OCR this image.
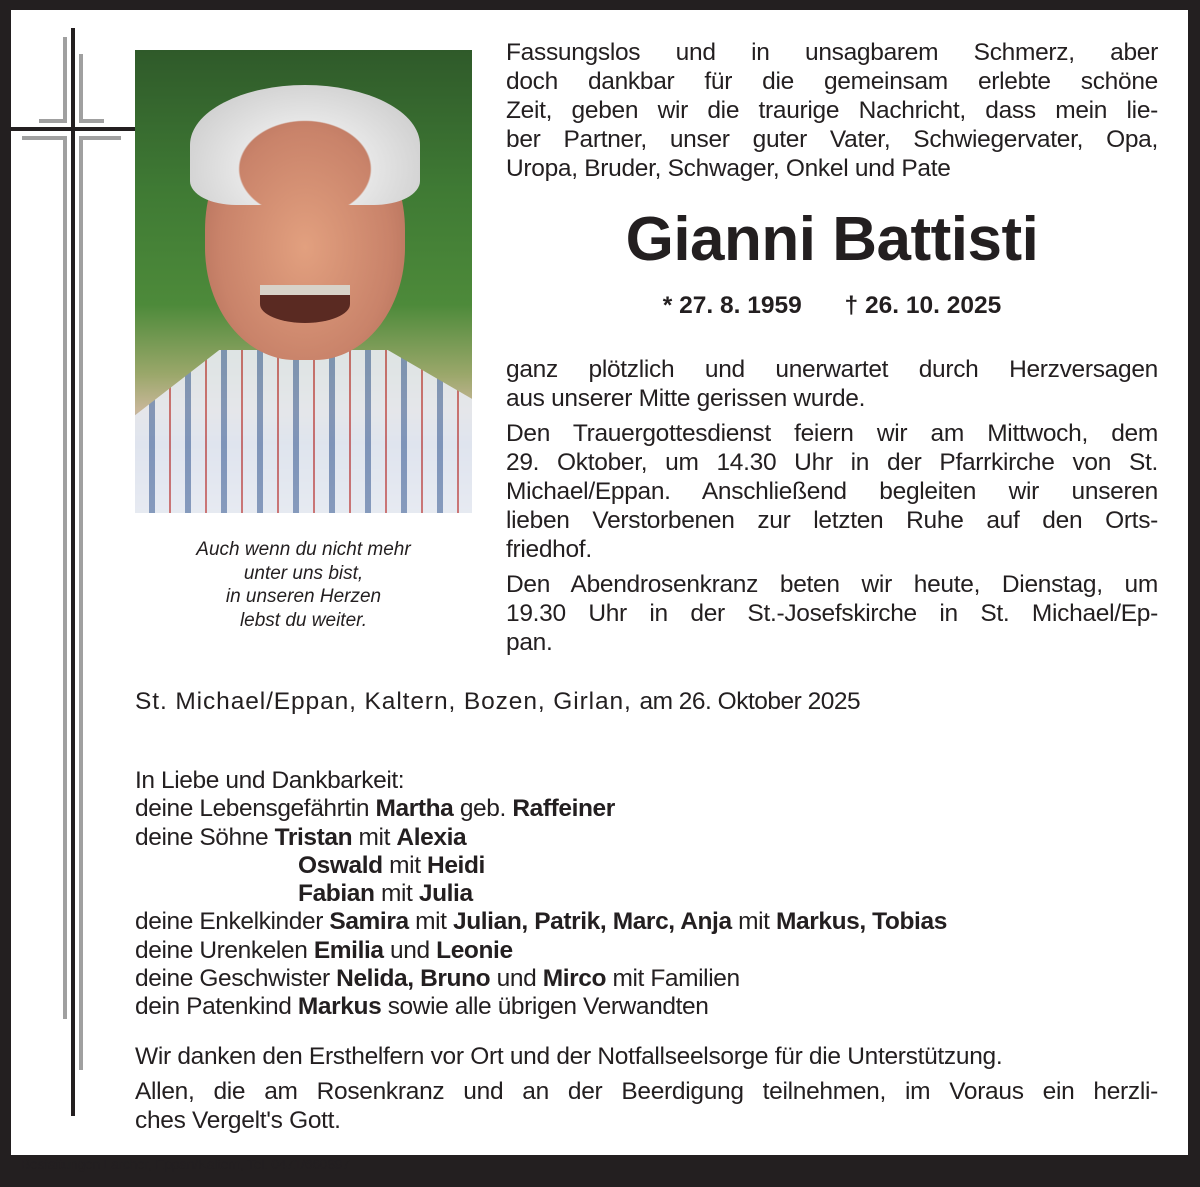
Auch wenn du nicht mehr
unter uns bist,
in unseren Herzen
lebst du weiter.
Fassungslos und in unsagbarem Schmerz, aber
doch dankbar für die gemeinsam erlebte schöne
Zeit, geben wir die traurige Nachricht, dass mein lie-
ber Partner, unser guter Vater, Schwiegervater, Opa,
Uropa, Bruder, Schwager, Onkel und Pate
Gianni Battisti
* 27. 8. 1959 † 26. 10. 2025

ganz plötzlich und unerwartet durch Herzversagen
aus unserer Mitte gerissen wurde.

Den Trauergottesdienst feiern wir am Mittwoch, dem
29. Oktober, um 14.30 Uhr in der Pfarrkirche von St.
Michael/Eppan. Anschließend begleiten wir unseren
lieben Verstorbenen zur letzten Ruhe auf den Orts-
friedhof.

Den Abendrosenkranz beten wir heute, Dienstag, um
19.30 Uhr in der St.-Josefskirche in St. Michael/Ep-
pan.

St. Michael/Eppan, Kaltern, Bozen, Girlan, am 26. Oktober 2025
In Liebe und Dankbarkeit:
deine Lebensgefährtin Martha geb. Raffeiner
deine Söhne Tristan mit Alexia
Oswald mit Heidi
Fabian mit Julia
deine Enkelkinder Samira mit Julian, Patrik, Marc, Anja mit Markus, Tobias
deine Urenkelen Emilia und Leonie
deine Geschwister Nelida, Bruno und Mirco mit Familien
dein Patenkind Markus sowie alle übrigen Verwandten

Wir danken den Ersthelfern vor Ort und der Notfallseelsorge für die Unterstützung.

Allen, die am Rosenkranz und an der Beerdigung teilnehmen, im Voraus ein herzli-
ches Vergelt's Gott.

Bestattungen Larcher, Eppan/Kaltern, Tel. 0471/660897
